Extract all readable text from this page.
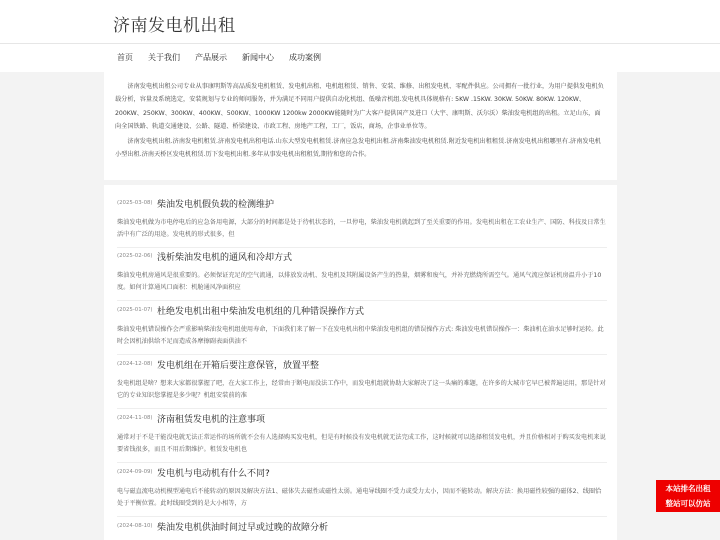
济南发电机出租
首页 关于我们 产品展示 新闻中心 成功案例

济南发电机出租公司专业从事康明斯等高品质发电机租赁、发电机出租、电机组租赁、销售、安装、维修、出租发电机、零配件供应。公司拥有一批行业，为用户提供发电机负载分析，容量及系统选定，安装规划与专业的师问服务，并为满足不同用户提供自动化机组、低噪音机组.发电机具体规格有: 5KW .15KW. 30KW. 50KW. 80KW. 120KW、200KW、250KW、300KW、400KW、500KW、1000KW 1200kw 2000KW能随时为广大客户提供国产及进口（大宇、康明斯、沃尔沃）柴油发电机组的出租。立足山东，面向全国铁路、轨道交通建设、公路、隧道、桥梁建设、市政工程、房地产工程，工厂，饭店，商场，企事业单位等。

济南发电机出租.济南发电机租赁.济南发电机出租电话.山东大型发电机租赁.济南应急发电机出租.济南柴油发电机租赁.附近发电机出租租赁.济南发电机出租哪里有.济南发电机小型出租.济南天桥区发电机租赁.历下发电机出租.多年从事发电机出租租赁,期待和您的合作。

(2025-03-08) 柴油发电机假负载的检测维护
柴油发电机做为市电停电后的应急备用电源，大部分的时间都是处于待机状态的，一旦停电，柴油发电机就起到了至关重要的作用。发电机出租在工农业生产、国防、科技及日常生活中有广泛的用途。发电机的形式很多，但
(2025-02-06) 浅析柴油发电机的通风和冷却方式
柴油发电机房通风是很重要的。必须保证充足的空气流通，以排放发动机、发电机及其附属设备产生的热量，烟雾和废气，并补充燃烧所需空气。通风气流应保证机房温升小于10度。如何计算通风口面积：机舱通风净面积应
(2025-01-07) 杜绝发电机出租中柴油发电机组的几种错误操作方式
柴油发电机错误操作会严重影响柴油发电机组使用寿命，下面我们来了解一下在发电机出租中柴油发电机组的错误操作方式: 柴油发电机错误操作一：柴油机在油水足够时运转。此时会因机油供给不足而造成各摩擦副表面供油不
(2024-12-08) 发电机组在开箱后要注意保管，放置平整
发电机组是啥？想来大家都很掌握了吧，在大家工作上，经常由于断电而没法工作中，而发电机组就协助大家解决了这一头痛的难题，在许多的大城市它早已被普遍运用，那是针对它的专业知识您掌握是多少呢？机组安装前的准
(2024-11-08) 济南租赁发电机的注意事项
通常对于不是干能没电就无法正常运作的场所就不会有人选择购买发电机，但是有时候没有发电机就无法完成工作，这时候就可以选择租赁发电机，并且价格相对于购买发电机来说要省钱很多，而且不用后期维护。租赁发电机也
(2024-09-09) 发电机与电动机有什么不同?
电与磁直流电动机模型通电后不能转动的原因及解决方法1、磁体失去磁性或磁性太弱。通电导线圈不受力或受力太小，因而不能转动。解决方法：换用磁性较强的磁体2、线圈恰处于平衡位置。此时线圈受到的是大小相等，方
(2024-08-10) 柴油发电机供油时间过早或过晚的故障分析
本站排名出租
整站可以仿站
